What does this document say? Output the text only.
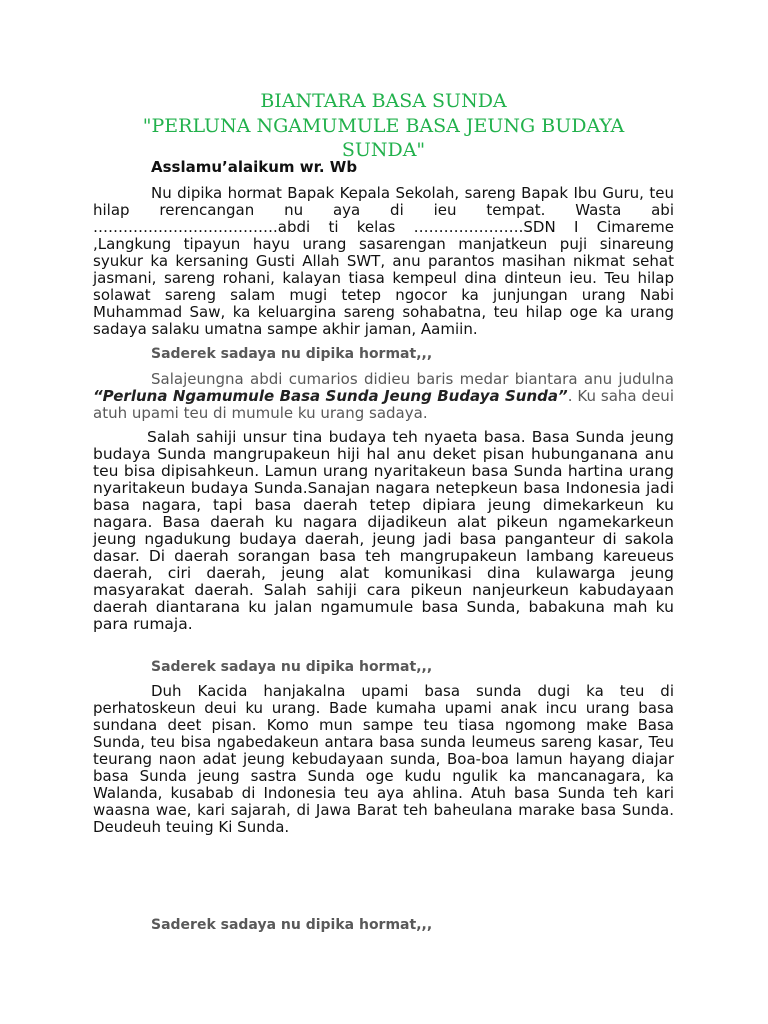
BIANTARA BASA SUNDA
"PERLUNA NGAMUMULE BASA JEUNG BUDAYA
SUNDA"
Asslamu’alaikum wr. Wb

Nu dipika hormat Bapak Kepala Sekolah, sareng Bapak Ibu Guru, teu hilap rerencangan nu aya di ieu tempat. Wasta abi ……………………………….abdi ti kelas ………………….SDN I Cimareme ,Langkung tipayun hayu urang sasarengan manjatkeun puji sinareung syukur ka kersaning Gusti Allah SWT, anu parantos masihan nikmat sehat jasmani, sareng rohani, kalayan tiasa kempeul dina dinteun ieu. Teu hilap solawat sareng salam mugi tetep ngocor ka junjungan urang Nabi Muhammad Saw, ka keluargina sareng sohabatna, teu hilap oge ka urang sadaya salaku umatna sampe akhir jaman, Aamiin.

Saderek sadaya nu dipika hormat,,,

Salajeungna abdi cumarios didieu baris medar biantara anu judulna “Perluna Ngamumule Basa Sunda Jeung Budaya Sunda”. Ku saha deui atuh upami teu di mumule ku urang sadaya.

Salah sahiji unsur tina budaya teh nyaeta basa. Basa Sunda jeung budaya Sunda mangrupakeun hiji hal anu deket pisan hubunganana anu teu bisa dipisahkeun. Lamun urang nyaritakeun basa Sunda hartina urang nyaritakeun budaya Sunda.Sanajan nagara netepkeun basa Indonesia jadi basa nagara, tapi basa daerah tetep dipiara jeung dimekarkeun ku nagara. Basa daerah ku nagara dijadikeun alat pikeun ngamekarkeun jeung ngadukung budaya daerah, jeung jadi basa panganteur di sakola dasar. Di daerah sorangan basa teh mangrupakeun lambang kareueus daerah, ciri daerah, jeung alat komunikasi dina kulawarga jeung masyarakat daerah. Salah sahiji cara pikeun nanjeurkeun kabudayaan daerah diantarana ku jalan ngamumule basa Sunda, babakuna mah ku para rumaja.

Saderek sadaya nu dipika hormat,,,

Duh Kacida hanjakalna upami basa sunda dugi ka teu di perhatoskeun deui ku urang. Bade kumaha upami anak incu urang basa sundana deet pisan. Komo mun sampe teu tiasa ngomong make Basa Sunda, teu bisa ngabedakeun antara basa sunda leumeus sareng kasar, Teu teurang naon adat jeung kebudayaan sunda, Boa-boa lamun hayang diajar basa Sunda jeung sastra Sunda oge kudu ngulik ka mancanagara, ka Walanda, kusabab di Indonesia teu aya ahlina. Atuh basa Sunda teh kari waasna wae, kari sajarah, di Jawa Barat teh baheulana marake basa Sunda. Deudeuh teuing Ki Sunda.

Saderek sadaya nu dipika hormat,,,
